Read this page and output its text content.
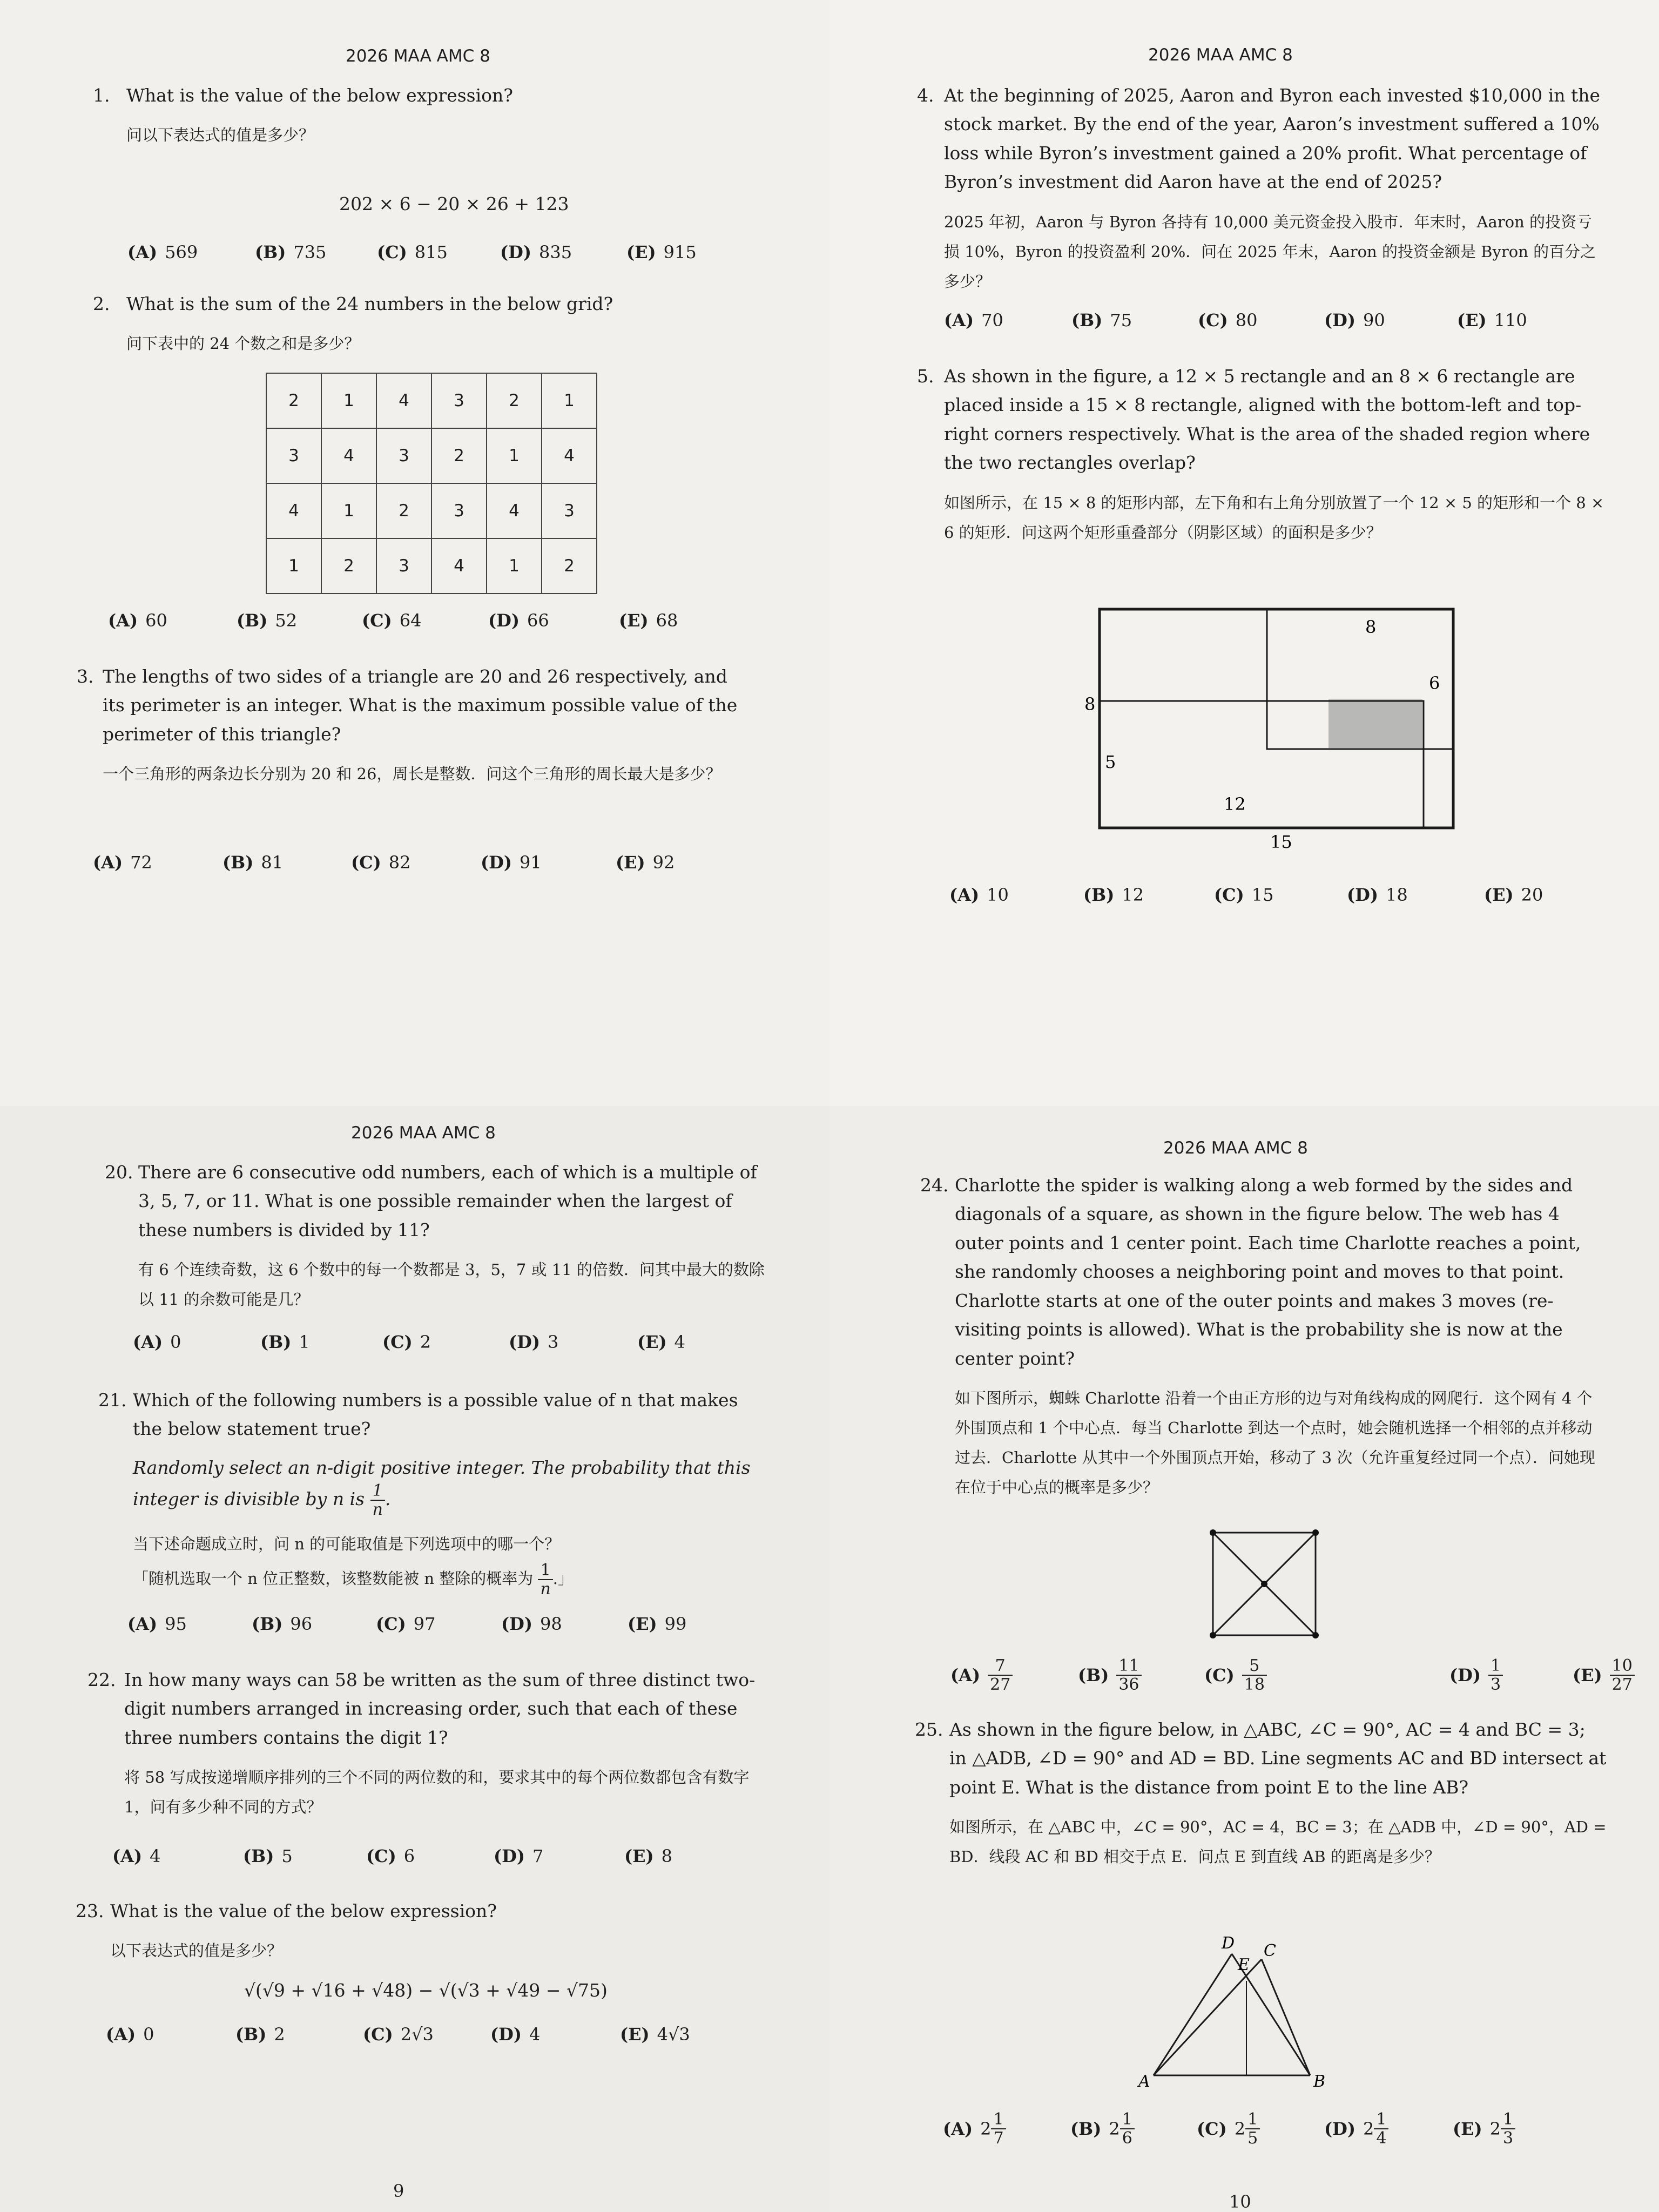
2026 MAA AMC 8
1. What is the value of the below expression?
问以下表达式的值是多少？
202 × 6 − 20 × 26 + 123
(A) 569	(B) 735	(C) 815	(D) 835	(E) 915
2. What is the sum of the 24 numbers in the below grid?
问下表中的 24 个数之和是多少？
2	1	4	3	2	1
3	4	3	2	1	4
4	1	2	3	4	3
1	2	3	4	1	2
(A) 60	(B) 52	(C) 64	(D) 66	(E) 68
3. The lengths of two sides of a triangle are 20 and 26 respectively, and its perimeter is an integer. What is the maximum possible value of the perimeter of this triangle?
一个三角形的两条边长分别为 20 和 26，周长是整数．问这个三角形的周长最大是多少？
(A) 72	(B) 81	(C) 82	(D) 91	(E) 92
2026 MAA AMC 8
4. At the beginning of 2025, Aaron and Byron each invested $10,000 in the stock market. By the end of the year, Aaron’s investment suffered a 10% loss while Byron’s investment gained a 20% profit. What percentage of Byron’s investment did Aaron have at the end of 2025?
2025 年初，Aaron 与 Byron 各持有 10,000 美元资金投入股市．年末时，Aaron 的投资亏损 10%，Byron 的投资盈利 20%．问在 2025 年末，Aaron 的投资金额是 Byron 的百分之多少？
(A) 70	(B) 75	(C) 80	(D) 90	(E) 110
5. As shown in the figure, a 12 × 5 rectangle and an 8 × 6 rectangle are placed inside a 15 × 8 rectangle, aligned with the bottom-left and top-right corners respectively. What is the area of the shaded region where the two rectangles overlap?
如图所示，在 15 × 8 的矩形内部，左下角和右上角分别放置了一个 12 × 5 的矩形和一个 8 × 6 的矩形．问这两个矩形重叠部分（阴影区域）的面积是多少？
8
6
8
5
12
15
(A) 10	(B) 12	(C) 15	(D) 18	(E) 20
2026 MAA AMC 8
20. There are 6 consecutive odd numbers, each of which is a multiple of 3, 5, 7, or 11. What is one possible remainder when the largest of these numbers is divided by 11?
有 6 个连续奇数，这 6 个数中的每一个数都是 3，5，7 或 11 的倍数．问其中最大的数除以 11 的余数可能是几？
(A) 0	(B) 1	(C) 2	(D) 3	(E) 4
21. Which of the following numbers is a possible value of n that makes the below statement true?
Randomly select an n-digit positive integer. The probability that this integer is divisible by n is $\frac{1}{n}$ .
当下述命题成立时，问 n 的可能取值是下列选项中的哪一个？
「随机选取一个 n 位正整数，该整数能被 n 整除的概率为 $\frac{1}{n}$ .」
(A) 95	(B) 96	(C) 97	(D) 98	(E) 99
22. In how many ways can 58 be written as the sum of three distinct two-digit numbers arranged in increasing order, such that each of these three numbers contains the digit 1?
将 58 写成按递增顺序排列的三个不同的两位数的和，要求其中的每个两位数都包含有数字 1，问有多少种不同的方式？
(A) 4	(B) 5	(C) 6	(D) 7	(E) 8
23. What is the value of the below expression?
以下表达式的值是多少？
√(√9 + √16 + √48) − √(√3 + √49 − √75)
(A) 0	(B) 2	(C) 2√3	(D) 4	(E) 4√3
9
2026 MAA AMC 8
24. Charlotte the spider is walking along a web formed by the sides and diagonals of a square, as shown in the figure below. The web has 4 outer points and 1 center point. Each time Charlotte reaches a point, she randomly chooses a neighboring point and moves to that point. Charlotte starts at one of the outer points and makes 3 moves (re-visiting points is allowed). What is the probability she is now at the center point?
如下图所示，蜘蛛 Charlotte 沿着一个由正方形的边与对角线构成的网爬行．这个网有 4 个外围顶点和 1 个中心点．每当 Charlotte 到达一个点时，她会随机选择一个相邻的点并移动过去．Charlotte 从其中一个外围顶点开始，移动了 3 次（允许重复经过同一个点）．问她现在位于中心点的概率是多少？
$(A) \frac{7}{27}$	$(B) \frac{11}{36}$	$(C) \frac{5}{18}$	$(D) \frac{1}{3}$	$(E) \frac{10}{27}$
25. As shown in the figure below, in △ABC, ∠C = 90°, AC = 4 and BC = 3; in △ADB, ∠D = 90° and AD = BD. Line segments AC and BD intersect at point E. What is the distance from point E to the line AB?
如图所示，在 △ABC 中，∠C = 90°，AC = 4，BC = 3；在 △ADB 中，∠D = 90°，AD = BD．线段 AC 和 BD 相交于点 E．问点 E 到直线 AB 的距离是多少？
D
E
C
A	B
(A) $2 \frac{1}{7}$	(B) $2 \frac{1}{6}$	(C) $2 \frac{1}{5}$	(D) $2 \frac{1}{4}$	(E) $2 \frac{1}{3}$
10
